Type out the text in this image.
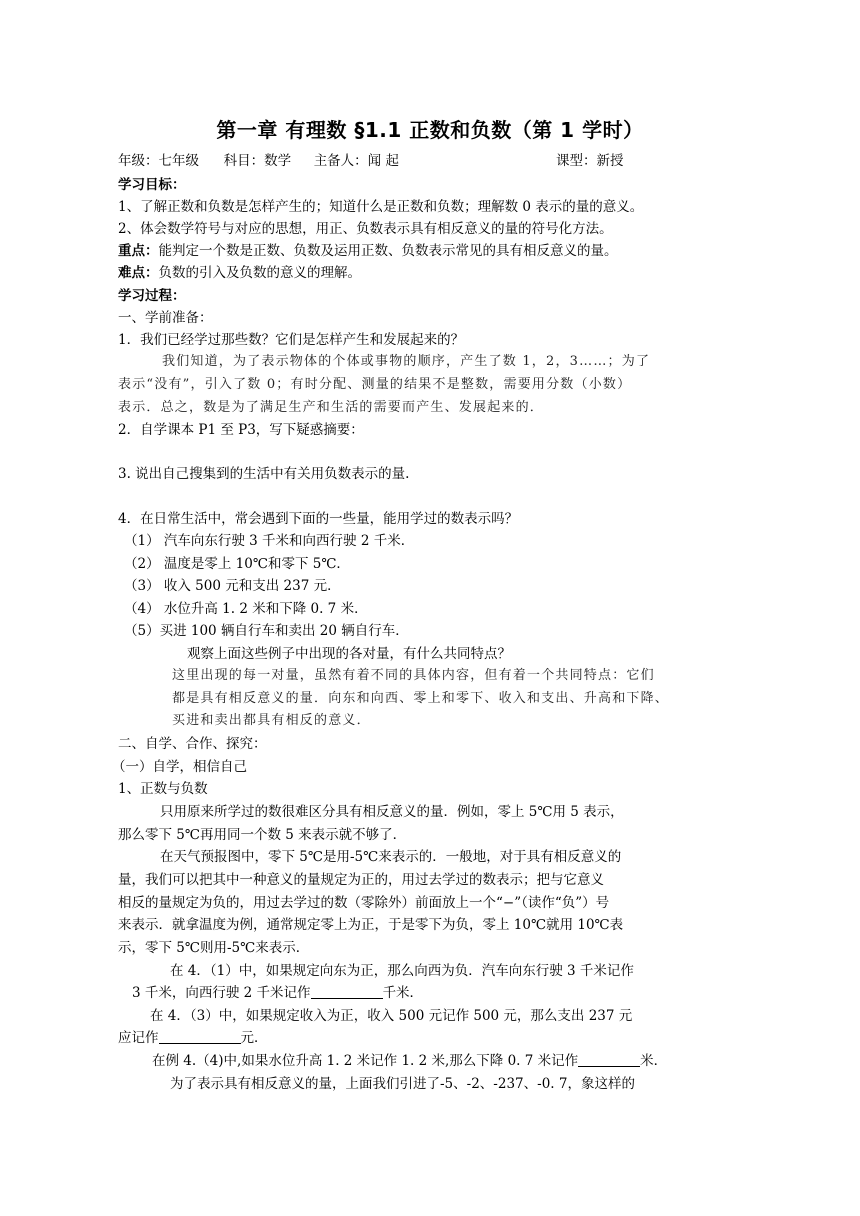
第一章 有理数 §1.1 正数和负数（第 1 学时）
年级：七年级 科目：数学 主备人：闻 起	课型：新授
学习目标：
1、了解正数和负数是怎样产生的；知道什么是正数和负数；理解数 0 表示的量的意义。
2、体会数学符号与对应的思想，用正、负数表示具有相反意义的量的符号化方法。
重点：能判定一个数是正数、负数及运用正数、负数表示常见的具有相反意义的量。
难点：负数的引入及负数的意义的理解。
学习过程：
一、学前准备：
1．我们已经学过那些数？它们是怎样产生和发展起来的？
我们知道，为了表示物体的个体或事物的顺序，产生了数 1，2，3……；为了
表示“没有”，引入了数 0；有时分配、测量的结果不是整数，需要用分数（小数）
表示．总之，数是为了满足生产和生活的需要而产生、发展起来的．
2．自学课本 P1 至 P3，写下疑惑摘要：
3. 说出自己搜集到的生活中有关用负数表示的量.
4．在日常生活中，常会遇到下面的一些量，能用学过的数表示吗？
（1） 汽车向东行驶 3 千米和向西行驶 2 千米．
（2） 温度是零上 10℃和零下 5℃．
（3） 收入 500 元和支出 237 元．
（4） 水位升高 1. 2 米和下降 0. 7 米．
（5）买进 100 辆自行车和卖出 20 辆自行车．
观察上面这些例子中出现的各对量，有什么共同特点？
这里出现的每一对量，虽然有着不同的具体内容，但有着一个共同特点：它们
都是具有相反意义的量．向东和向西、零上和零下、收入和支出、升高和下降、
买进和卖出都具有相反的意义．
二、自学、合作、探究：
（一）自学，相信自己
1、正数与负数
只用原来所学过的数很难区分具有相反意义的量．例如，零上 5℃用 5 表示，
那么零下 5℃再用同一个数 5 来表示就不够了．
在天气预报图中，零下 5℃是用-5℃来表示的．一般地，对于具有相反意义的
量，我们可以把其中一种意义的量规定为正的，用过去学过的数表示；把与它意义
相反的量规定为负的，用过去学过的数（零除外）前面放上一个“−”（读作“负”）号
来表示．就拿温度为例，通常规定零上为正，于是零下为负，零上 10℃就用 10℃表
示，零下 5℃则用-5℃来表示．
在 4．（1）中，如果规定向东为正，那么向西为负．汽车向东行驶 3 千米记作
3 千米，向西行驶 2 千米记作	千米．
在 4．（3）中，如果规定收入为正，收入 500 元记作 500 元，那么支出 237 元
应记作	元．
在例 4.（4)中,如果水位升高 1. 2 米记作 1. 2 米,那么下降 0. 7 米记作	米．
为了表示具有相反意义的量，上面我们引进了-5、-2、-237、-0. 7，象这样的
